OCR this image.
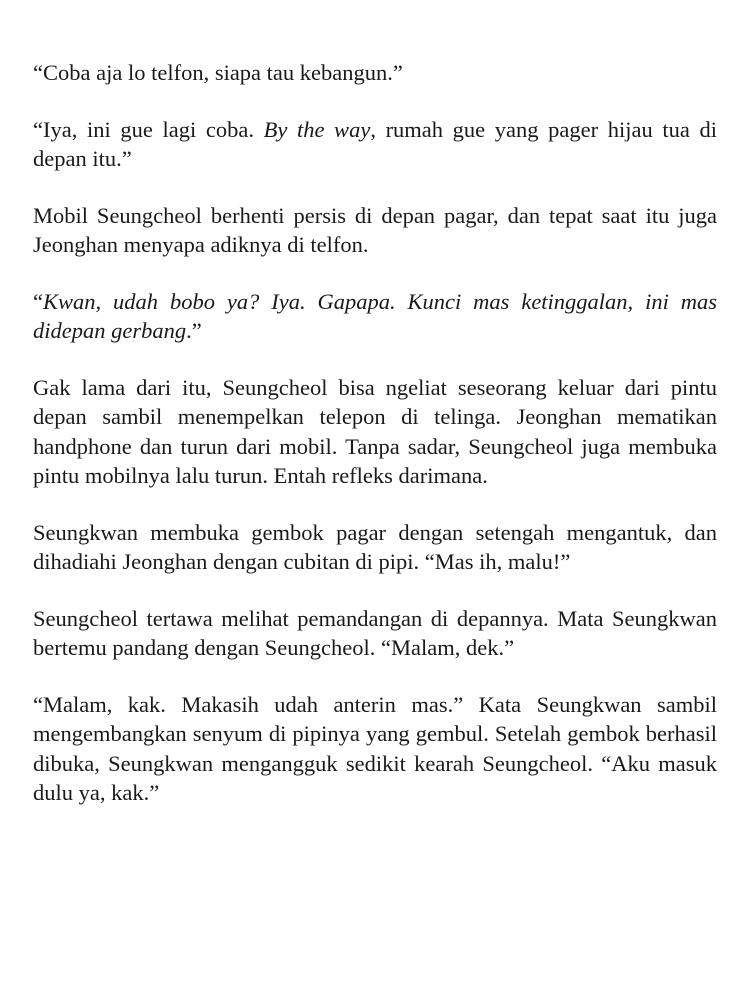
“Coba aja lo telfon, siapa tau kebangun.”

“Iya, ini gue lagi coba. By the way, rumah gue yang pager hijau tua di depan itu.”

Mobil Seungcheol berhenti persis di depan pagar, dan tepat saat itu juga Jeonghan menyapa adiknya di telfon.

“Kwan, udah bobo ya? Iya. Gapapa. Kunci mas ketinggalan, ini mas didepan gerbang.”

Gak lama dari itu, Seungcheol bisa ngeliat seseorang keluar dari pintu depan sambil menempelkan telepon di telinga. Jeonghan mematikan handphone dan turun dari mobil. Tanpa sadar, Seungcheol juga membuka pintu mobilnya lalu turun. Entah refleks darimana.

Seungkwan membuka gembok pagar dengan setengah mengantuk, dan dihadiahi Jeonghan dengan cubitan di pipi. “Mas ih, malu!”

Seungcheol tertawa melihat pemandangan di depannya. Mata Seungkwan bertemu pandang dengan Seungcheol. “Malam, dek.”

“Malam, kak. Makasih udah anterin mas.” Kata Seungkwan sambil mengembangkan senyum di pipinya yang gembul. Setelah gembok berhasil dibuka, Seungkwan mengangguk sedikit kearah Seungcheol. “Aku masuk dulu ya, kak.”
